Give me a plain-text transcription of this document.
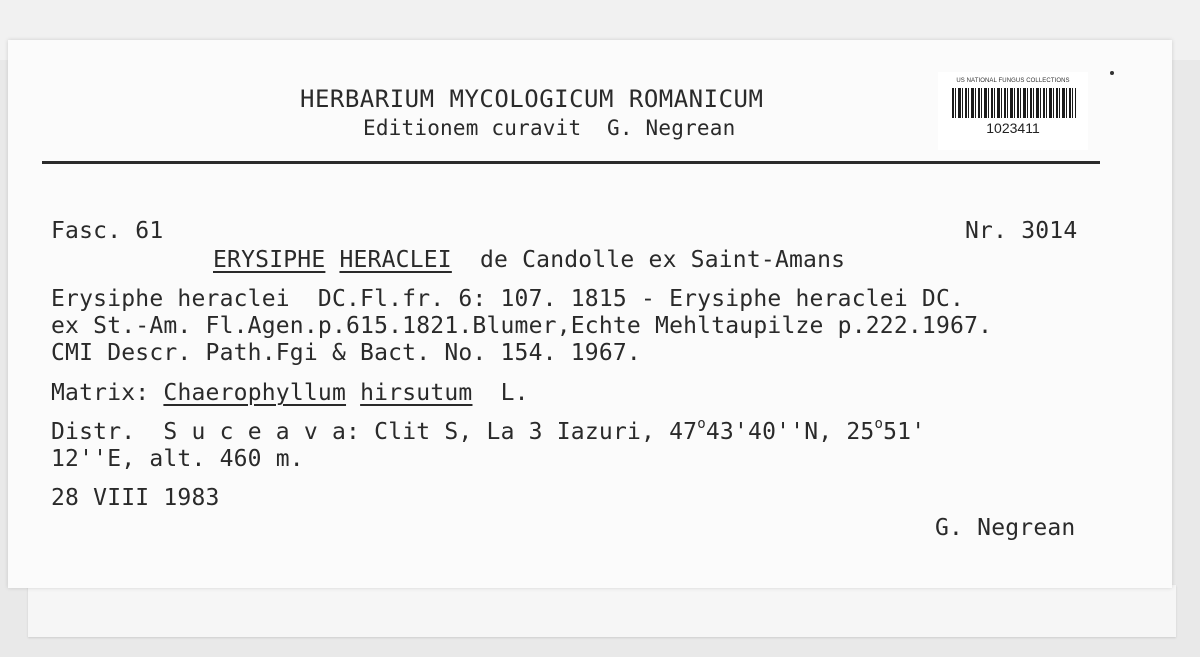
HERBARIUM MYCOLOGICUM ROMANICUM
Editionem curavit  G. Negrean
US NATIONAL FUNGUS COLLECTIONS
1023411
Fasc. 61	Nr. 3014
ERYSIPHE HERACLEI de Candolle ex Saint-Amans
Erysiphe heraclei  DC.Fl.fr. 6: 107. 1815 - Erysiphe heraclei DC.
ex St.-Am. Fl.Agen.p.615.1821.Blumer,Echte Mehltaupilze p.222.1967.
CMI Descr. Path.Fgi & Bact. No. 154. 1967.
Matrix: Chaerophyllum hirsutum L.
Distr. S u c e a v a: Clit S, La 3 Iazuri, 47$^o$43'40''N, 25$^o$51'
12''E, alt. 460 m.
28 VIII 1983
G. Negrean
